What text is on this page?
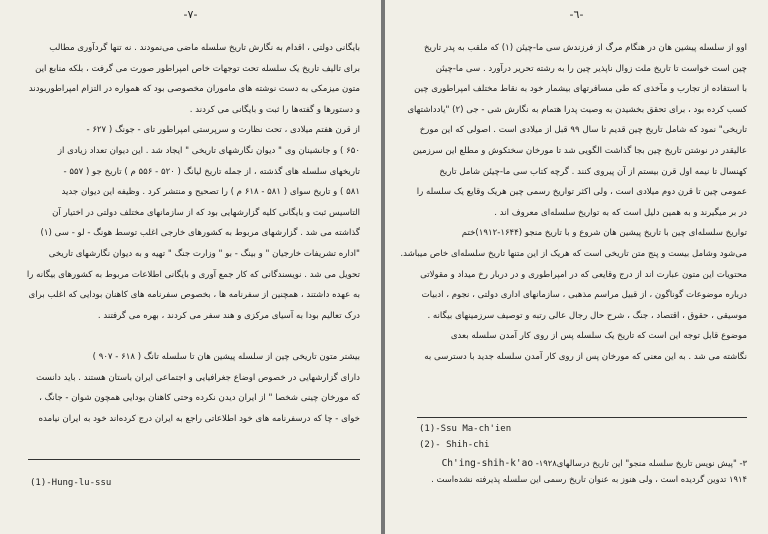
-٧-
بایگانی دولتی ، اقدام به نگارش تاریخ سلسله ماضی می‌نمودند . نه تنها گردآوری مطالب
برای تالیف تاریخ یک سلسله تحت توجهات خاص امپراطور صورت می گرفت ، بلکه منابع این
متون میزمکی به دست نوشته های ماموران مخصوصی بود که همواره در التزام امپراطوربودند
و دستورها و گفته‌ها را ثبت و بایگانی می کردند .
از قرن هفتم میلادی ، تحت نظارت و سرپرستی امپراطور تای - جونگ ( ۶۲۷ -
۶۵۰ ) و جانشینان وی " دیوان نگارشهای تاریخی " ایجاد شد . این دیوان تعداد زیادی از
تاریخهای سلسله های گذشته ، از جمله تاریخ لیانگ ( ۵۲۰ - ۵۵۶ م ) تاریخ جو ( ۵۵۷ -
۵۸۱ ) و تاریخ سوای ( ۵۸۱ - ۶۱۸ م ) را تصحیح و منتشر کرد . وظیفه این دیوان جدید
التاسیس ثبت و بایگانی کلیه گزارشهایی بود که از سازمانهای مختلف دولتی در اختیار آن
گذاشته می شد . گزارشهای مربوط به کشورهای خارجی اغلب توسط هونگ - لو - سی (۱)
"اداره تشریفات خارجیان " و بینگ - بو " وزارت جنگ " تهیه و به دیوان نگارشهای تاریخی
تحویل می شد . نویسندگانی که کار جمع آوری و بایگانی اطلاعات مربوط به کشورهای بیگانه را
به عهده داشتند ، همچنین از سفرنامه ها ، بخصوص سفرنامه های کاهنان بودایی که اغلب برای
درک تعالیم بودا به آسیای مرکزی و هند سفر می کردند ، بهره می گرفتند .

بیشتر متون تاریخی چین از سلسله پیشین هان تا سلسله تانگ ( ۶۱۸ - ۹۰۷ )
دارای گزارشهایی در خصوص اوضاع جغرافیایی و اجتماعی ایران باستان هستند . باید دانست
که مورخان چینی شخصا " از ایران دیدن نکرده وحتی کاهنان بودایی همچون شوان - جانگ ،
خوای - چا که درسفرنامه های خود اطلاعاتی راجع به ایران درج کرده‌اند خود به ایران نیامده
(1)-Hung-lu-ssu
-٦-
اوو از سلسله پیشین هان در هنگام مرگ از فرزندش سی ما-چیئن (۱) که ملقب به پدر تاریخ
چین است خواست تا تاریخ ملت زوال ناپذیر چین را به رشته تحریر درآورد . سی ما-چیئن
با استفاده از تجارب و مآخذی که طی مسافرتهای بیشمار خود به نقاط مختلف امپراطوری چین
کسب کرده بود ، برای تحقق بخشیدن به وصیت پدرا هتمام به نگارش شی - جی (۲) "یادداشتهای
تاریخی" نمود که شامل تاریخ چین قدیم تا سال ۹۹ قبل از میلادی است . اصولی که این مورخ
عالیقدر در نوشتن تاریخ چین بجا گذاشت الگویی شد تا مورخان سختکوش و مطلع این سرزمین
کهنسال تا نیمه اول قرن بیستم از آن پیروی کنند . گرچه کتاب سی ما-چیئن شامل تاریخ
عمومی چین تا قرن دوم میلادی است ، ولی اکثر تواریخ رسمی چین هریک وقایع یک سلسله را
در بر میگیرند و به همین دلیل است که به تواریخ سلسله‌ای معروف اند .
تواریخ سلسله‌ای چین با تاریخ پیشین هان شروع و با تاریخ منجو (۱۶۴۴-۱۹۱۲)ختم
می‌شود وشامل بیست و پنج متن تاریخی است که هریک از این متنها تاریخ سلسله‌ای خاص میباشد.
محتویات این متون عبارت اند از درج وقایعی که در امپراطوری و در دربار رخ میداد و مقولاتی
درباره موضوعات گوناگون ، از قبیل مراسم مذهبی ، سازمانهای اداری دولتی ، نجوم ، ادبیات
موسیقی ، حقوق ، اقتصاد ، جنگ ، شرح حال رجال عالی رتبه و توصیف سرزمینهای بیگانه .
موضوع قابل توجه این است که تاریخ یک سلسله پس از روی کار آمدن سلسله بعدی
نگاشته می شد . به این معنی که مورخان پس از روی کار آمدن سلسله جدید با دسترسی به
(1)-Ssu Ma-ch'ien
(2)- Shih-chi
۳- "پیش نویس تاریخ سلسله منجو" این تاریخ درسالهای۱۹۲۸- Ch'ing-shih-k'ao
۱۹۱۴ تدوین گردیده است ، ولی هنوز به عنوان تاریخ رسمی این سلسله پذیرفته نشده‌است .
